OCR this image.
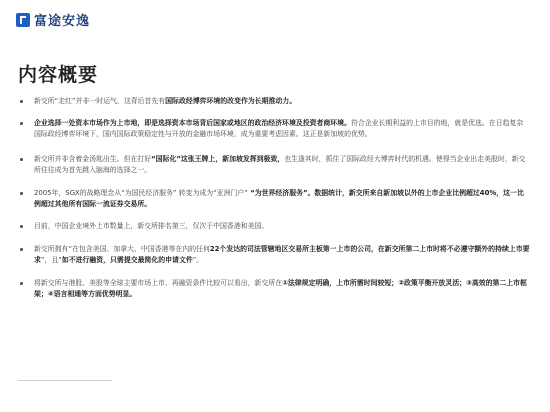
富途安逸
内容概要

新交所“走红”并非一时运气，这背后首先有国际政经博弈环境的改变作为长期推动力。

企业选择一处资本市场作为上市地，即是选择资本市场背后国家或地区的政治经济环境及投资者商环境。符合企业长期利益的上市目的地，就是优选。在日趋复杂国际政经博弈环境下，国内国际政策稳定性与开放的金融市场环境，成为重要考虑因素。这正是新加坡的优势。

新交所并非含着金汤匙出生。但在打好“国际化”这张王牌上，新加坡发挥到极致，也生逢其时，抓住了国际政经大博弈时代的机遇。使得当企业出走美股时，新交所往往成为首先跳入脑海的选择之一。

2005年，SGX的战略理念从“为国民经济服务” 转变为成为“亚洲门户” “为世界经济服务”。数据统计，新交所来自新加坡以外的上市企业比例超过40%，这一比例超过其他所有国际一流证券交易所。

目前，中国企业境外上市数量上，新交所排名第三，仅次于中国香港和美国。

新交所拥有“在包含美国、加拿大、中国香港等在内的任何22个发达的司法管辖地区交易所主板第一上市的公司，在新交所第二上市时将不必遵守额外的持续上市要求”，且“如不进行融资，只需提交最简化的申请文件”。

将新交所与港股、美股等全球主要市场上市、再融资条件比较可以看出，新交所在①法律规定明确，上市所需时间较短；②政策平衡开放灵活；③高效的第二上市框架；④语言相通等方面优势明显。
